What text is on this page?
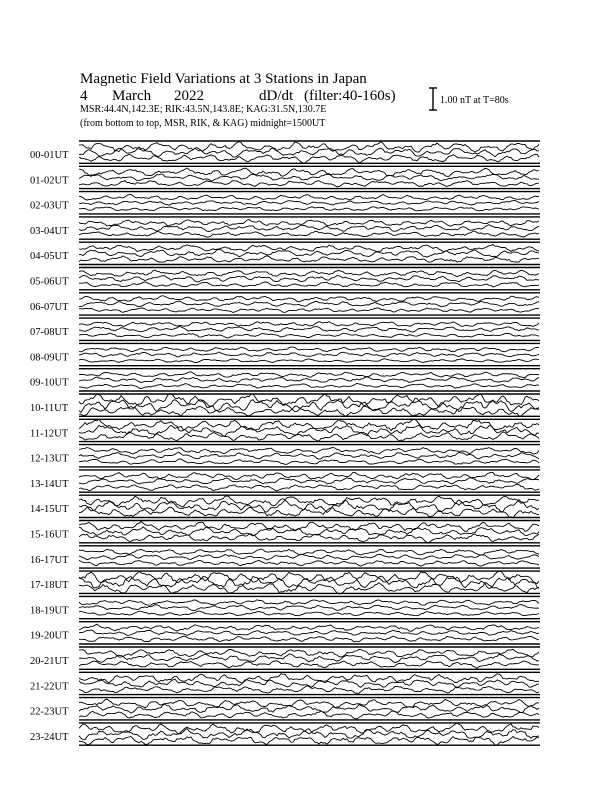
Magnetic Field Variations at 3 Stations in Japan
4 March 2022	dD/dt (filter:40-160s)
MSR:44.4N,142.3E; RIK:43.5N,143.8E; KAG:31.5N,130.7E
(from bottom to top, MSR, RIK, & KAG) midnight=1500UT
1.00 nT at T=80s
00-01UT
01-02UT
02-03UT
03-04UT
04-05UT
05-06UT
06-07UT
07-08UT
08-09UT
09-10UT
10-11UT
11-12UT
12-13UT
13-14UT
14-15UT
15-16UT
16-17UT
17-18UT
18-19UT
19-20UT
20-21UT
21-22UT
22-23UT
23-24UT
